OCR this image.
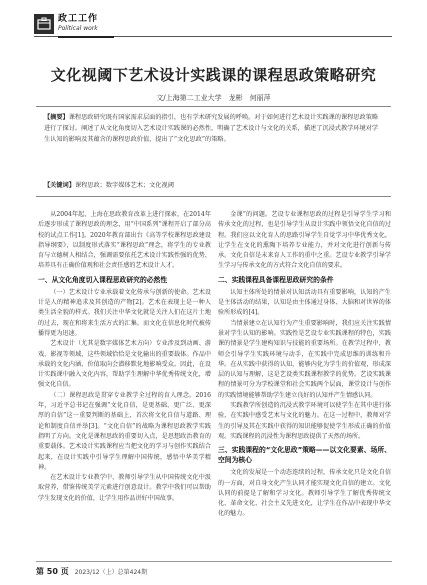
政工工作
Political work
文化视阈下艺术设计实践课的课程思政策略研究
文/上海第二工业大学　龙彬　何丽萍
【摘要】课程思政研究既有国家需求层面的指引，也有学术研究发展的呼唤。对于如何进行艺术设计实践课的课程思政策略进行了探讨。阐述了从文化角度切入艺术设计实践课的必然性，明确了艺术设计与文化的关系，描述了沉浸式教学环境对学生认知的影响及其蕴含的课程思政价值，提出了“文化思政”的策略。
【关键词】课程思政；数字媒体艺术；文化视阈

从2004年起，上海在思政教育改革上进行探索，在2014年后逐步形成了课程思政的理念，用“中国系列”课程开启了部分高校的试点工作[1]。2020年教育部出台《高等学校课程思政建设指导纲要》，以制度形式落实“课程思政”理念，将学生的专业教育与立德树人相结合，强调需要依托艺术设计实践性强的优势，培养具有正确价值观和社会责任感的艺术设计人才。

一、从文化角度切入课程思政研究的必然性

（一）艺术设计专业承载着文化传承与创新的使命。艺术设计是人的精神追求及其创造的产物[2]。艺术在表现上是一种人类生活全貌的样式。我们关注中华文化就是关注人们在这片土地的过去，现在和将来生活方式的汇集。而文化在信息化时代被传播得更为迅速。

艺术设计（尤其是数字媒体艺术方向）专业涉及到动画、游戏、影视等领域，这些领域恰恰是文化输出的重要载体。作品中承载的文化内涵、价值取向会潜移默化地影响受众。因此，在设计实践课中融入文化内容，帮助学生理解中华优秀传统文化，增强文化自信。

（二）课程思政是贯穿专业教学全过程的育人理念。2016年，习近平总书记在强调“文化自信，是更基础、更广泛、更深厚的自信”这一重要判断的基础上，首次将文化自信与道路、理论和制度自信并举[3]。“文化自信”的战略为课程思政教学实践指明了方向。文化是课程思政的重要切入点，是思想政治教育的重要载体。艺术设计实践课程应当把文化的学习与创作实践结合起来，在设计实践中引导学生理解中国传统，感悟中华美学精神。

在艺术设计专业教学中，教师引导学生从中国传统文化中汲取营养，借鉴传统美学元素进行创意设计。教学中我们可以帮助学生发现文化的价值，让学生用作品讲好中国故事。

金课”的问题。艺设专业课程思政的过程是引导学生学习和传承文化的过程，也是引导学生从设计实践中领悟文化自信的过程。我们应以文化育人的思路引导学生自觉学习中华优秀文化，让学生在文化的熏陶下培养专业能力，并对文化进行创新与传承。文化自信是未来育人工作的重中之重。艺设专业教学引导学生学习与传承文化的方式符合文化自信的要求。

二、实践课程具备课程思政研究的条件

认知主体所处的情景对认知活动具有重要影响，认知的产生是主体活动的结果，认知是由主体通过身体、大脑和对世界的体验所形成的[4]。

当情景建立在认知行为产生重要影响时，我们应关注实践情景对学生认知的影响。实践性是艺设专业实践课程的特色，实践课的情景是学生建构知识与技能的重要场所。在教学过程中，教师会引导学生实践环境与动手，在实践中完成思维的训练和升华。在从实践中获得的认知，能够内化为学生的价值观，形成深层的认知与理解，这是艺设类实践课程教学的优势。艺设实践课程的情景可分为学校课堂和社会实践两个层面，课堂设计与创作的实践情境能够帮助学生建立良好的认知并产生情感认同。

实践教学所创造的沉浸式教学环境可以使学生在其中进行体验，在实践中感受艺术与文化的魅力。在这一过程中，教师对学生的引导及其在实践中获得的知识能够促使学生形成正确的价值观。实践课程的沉浸性为课程思政提供了天然的场所。

三、实践课程的“文化思政”策略——以文化要素、场所、空间为核心

文化的发展是一个动态连续的过程，传承文化只是文化自信的一方面，对自身文化产生认同才能实现文化自信的建立。文化认同的前提是了解和学习文化。教师引导学生了解优秀传统文化、革命文化、社会主义先进文化，让学生在作品中表现中华文化的魅力。

第 50 页 2023/12（上）总第424期
